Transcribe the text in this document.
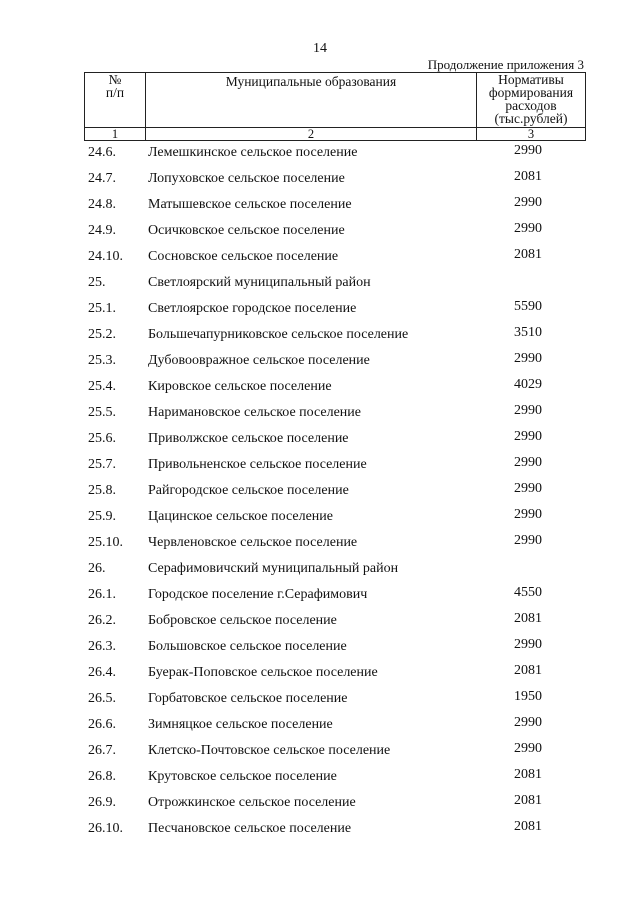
14
Продолжение приложения 3
№
п/п	Муниципальные образования	Нормативы формирования расходов (тыс.рублей)

1	2	3
24.6. Лемешкинское сельское поселение	2990
24.7. Лопуховское сельское поселение	2081
24.8. Матышевское сельское поселение	2990
24.9. Осичковское сельское поселение	2990
24.10. Сосновское сельское поселение	2081
25.	Светлоярский муниципальный район
25.1. Светлоярское городское поселение	5590
25.2. Большечапурниковское сельское поселение	3510
25.3. Дубовоовражное сельское поселение	2990
25.4. Кировское сельское поселение	4029
25.5. Наримановское сельское поселение	2990
25.6. Приволжское сельское поселение	2990
25.7. Привольненское сельское поселение	2990
25.8. Райгородское сельское поселение	2990
25.9. Цацинское сельское поселение	2990
25.10. Червленовское сельское поселение	2990
26.	Серафимовичский муниципальный район
26.1. Городское поселение г.Серафимович	4550
26.2. Бобровское сельское поселение	2081
26.3. Большовское сельское поселение	2990
26.4. Буерак-Поповское сельское поселение	2081
26.5. Горбатовское сельское поселение	1950
26.6. Зимняцкое сельское поселение	2990
26.7. Клетско-Почтовское сельское поселение	2990
26.8. Крутовское сельское поселение	2081
26.9. Отрожкинское сельское поселение	2081
26.10. Песчановское сельское поселение	2081
